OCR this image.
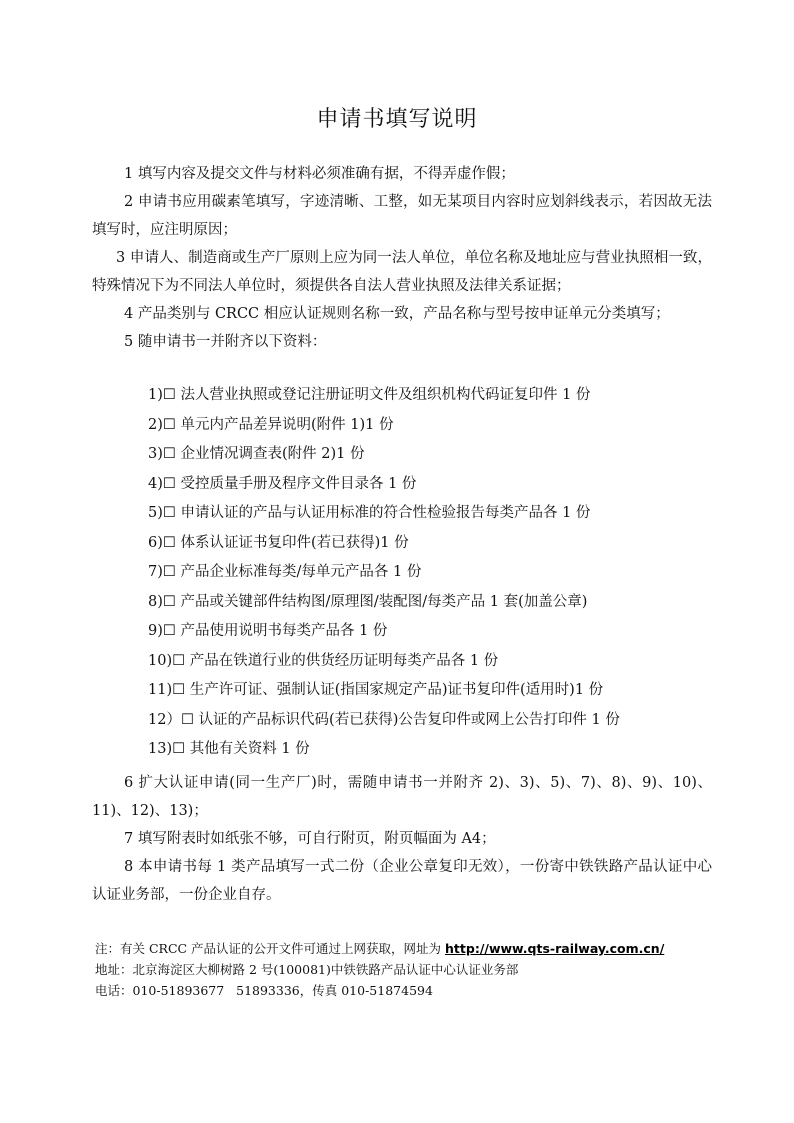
申请书填写说明

1 填写内容及提交文件与材料必须准确有据，不得弄虚作假；

2 申请书应用碳素笔填写，字迹清晰、工整，如无某项目内容时应划斜线表示，若因故无法填写时，应注明原因；

3 申请人、制造商或生产厂原则上应为同一法人单位，单位名称及地址应与营业执照相一致，特殊情况下为不同法人单位时，须提供各自法人营业执照及法律关系证据；

4 产品类别与 CRCC 相应认证规则名称一致，产品名称与型号按申证单元分类填写；

5 随申请书一并附齐以下资料：

1)☐ 法人营业执照或登记注册证明文件及组织机构代码证复印件 1 份
2)☐ 单元内产品差异说明(附件 1)1 份
3)☐ 企业情况调查表(附件 2)1 份
4)☐ 受控质量手册及程序文件目录各 1 份
5)☐ 申请认证的产品与认证用标准的符合性检验报告每类产品各 1 份
6)☐ 体系认证证书复印件(若已获得)1 份
7)☐ 产品企业标准每类/每单元产品各 1 份
8)☐ 产品或关键部件结构图/原理图/装配图/每类产品 1 套(加盖公章)
9)☐ 产品使用说明书每类产品各 1 份
10)☐ 产品在铁道行业的供货经历证明每类产品各 1 份
11)☐ 生产许可证、强制认证(指国家规定产品)证书复印件(适用时)1 份
12）☐ 认证的产品标识代码(若已获得)公告复印件或网上公告打印件 1 份
13)☐ 其他有关资料 1 份

6 扩大认证申请(同一生产厂)时，需随申请书一并附齐 2)、3)、5)、7)、8)、9)、10)、11)、12)、13)；

7 填写附表时如纸张不够，可自行附页，附页幅面为 A4；

8 本申请书每 1 类产品填写一式二份（企业公章复印无效），一份寄中铁铁路产品认证中心认证业务部，一份企业自存。

注：有关 CRCC 产品认证的公开文件可通过上网获取，网址为 http://www.qts-railway.com.cn/
地址：北京海淀区大柳树路 2 号(100081)中铁铁路产品认证中心认证业务部
电话：010-51893677   51893336，传真 010-51874594
